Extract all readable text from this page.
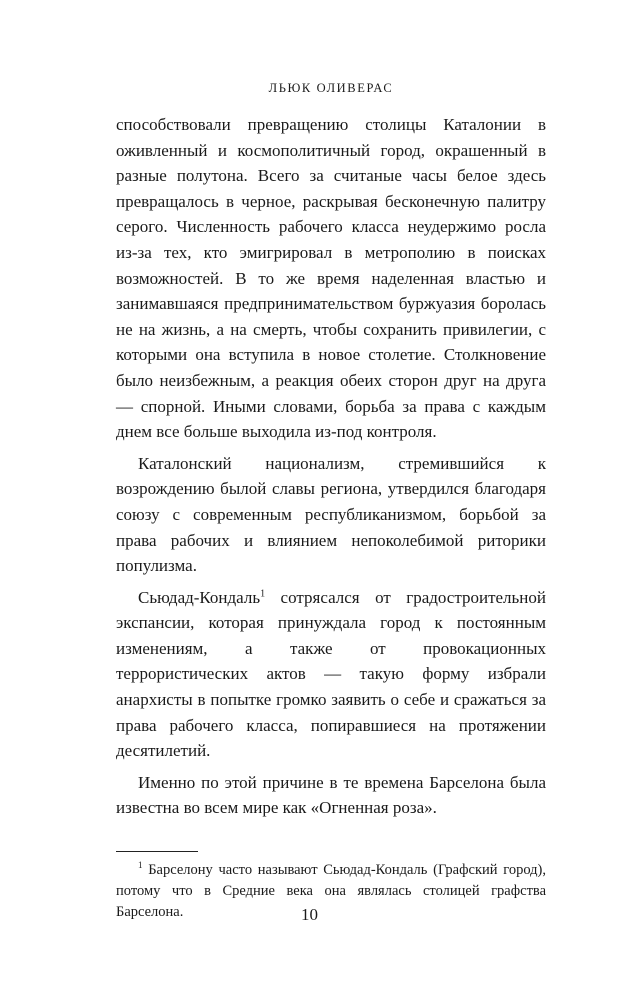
ЛЬЮК ОЛИВЕРАС

способствовали превращению столицы Каталонии в оживленный и космополитичный город, окрашенный в разные полутона. Всего за считаные часы белое здесь превращалось в черное, раскрывая бесконечную палитру серого. Численность рабочего класса неудержимо росла из-за тех, кто эмигрировал в метрополию в поисках возможностей. В то же время наделенная властью и занимавшаяся предпринимательством буржуазия боролась не на жизнь, а на смерть, чтобы сохранить привилегии, с которыми она вступила в новое столетие. Столкновение было неизбежным, а реакция обеих сторон друг на друга — спорной. Иными словами, борьба за права с каждым днем все больше выходила из-под контроля.

Каталонский национализм, стремившийся к возрождению былой славы региона, утвердился благодаря союзу с современным республиканизмом, борьбой за права рабочих и влиянием непоколебимой риторики популизма.

Сьюдад-Кондаль$^1$ сотрясался от градостроительной экспансии, которая принуждала город к постоянным изменениям, а также от провокационных террористических актов — такую форму избрали анархисты в попытке громко заявить о себе и сражаться за права рабочего класса, попиравшиеся на протяжении десятилетий.

Именно по этой причине в те времена Барселона была известна во всем мире как «Огненная роза».

$^1$ Барселону часто называют Сьюдад-Кондаль (Графский город), потому что в Средние века она являлась столицей графства Барселона.	10
